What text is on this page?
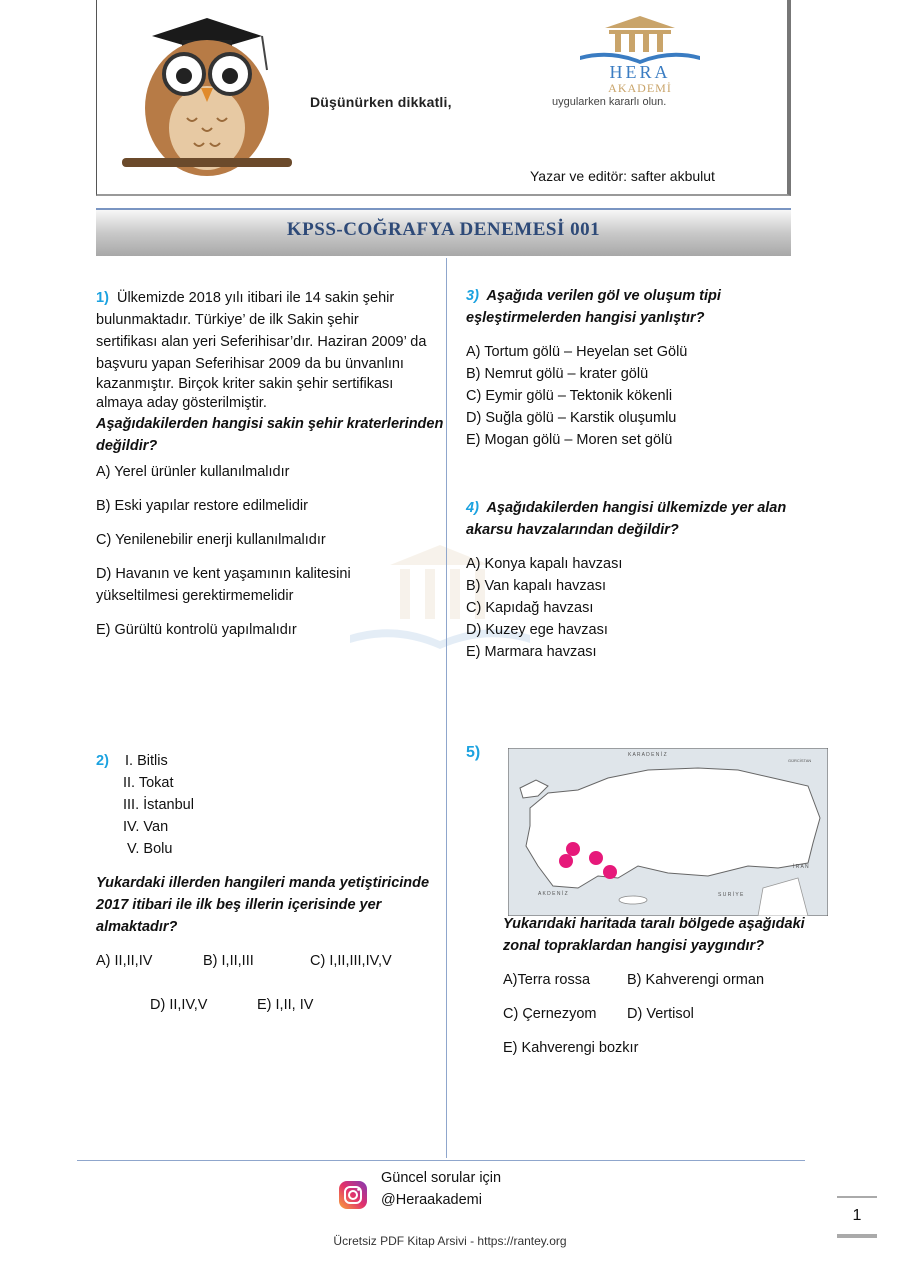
HERA
AKADEMİ
Düşünürken dikkatli,	uygularken kararlı olun.
Yazar ve editör: safter akbulut
KPSS-COĞRAFYA DENEMESİ 001
1) Ülkemizde 2018 yılı itibari ile 14 sakin şehir
bulunmaktadır. Türkiye’ de ilk Sakin şehir
sertifikası alan yeri Seferihisar’dır. Haziran 2009’ da
başvuru yapan Seferihisar 2009 da bu ünvanlını
kazanmıştır. Birçok kriter sakin şehir sertifikası
almaya aday gösterilmiştir.
Aşağıdakilerden hangisi sakin şehir kraterlerinden
değildir?
A) Yerel ürünler kullanılmalıdır
B) Eski yapılar restore edilmelidir
C) Yenilenebilir enerji kullanılmalıdır
D) Havanın ve kent yaşamının kalitesini
yükseltilmesi gerektirmemelidir
E) Gürültü kontrolü yapılmalıdır
3) Aşağıda verilen göl ve oluşum tipi
eşleştirmelerden hangisi yanlıştır?
A) Tortum gölü – Heyelan set Gölü
B) Nemrut gölü – krater gölü
C) Eymir gölü – Tektonik kökenli
D) Suğla gölü – Karstik oluşumlu
E) Mogan gölü – Moren set gölü
4) Aşağıdakilerden hangisi ülkemizde yer alan
akarsu havzalarından değildir?
A) Konya kapalı havzası
B) Van kapalı havzası
C) Kapıdağ havzası
D) Kuzey ege havzası
E) Marmara havzası
2) I. Bitlis
II. Tokat
III. İstanbul
IV. Van
V. Bolu
Yukardaki illerden hangileri manda yetiştiricinde
2017 itibari ile ilk beş illerin içerisinde yer
almaktadır?
A) II,II,IV	B) I,II,III	C) I,II,III,IV,V
D) II,IV,V	E) I,II, IV
5)	K A R A D E N İ Z
A K D E N İ Z
GÜRCİSTAN
İ R A N
S U R İ Y E
Yukarıdaki haritada taralı bölgede aşağıdaki
zonal topraklardan hangisi yaygındır?
A)Terra rossa	B) Kahverengi orman
C) Çernezyom D) Vertisol
E) Kahverengi bozkır
Güncel sorular için
@Heraakademi
1
Ücretsiz PDF Kitap Arsivi - https://rantey.org
